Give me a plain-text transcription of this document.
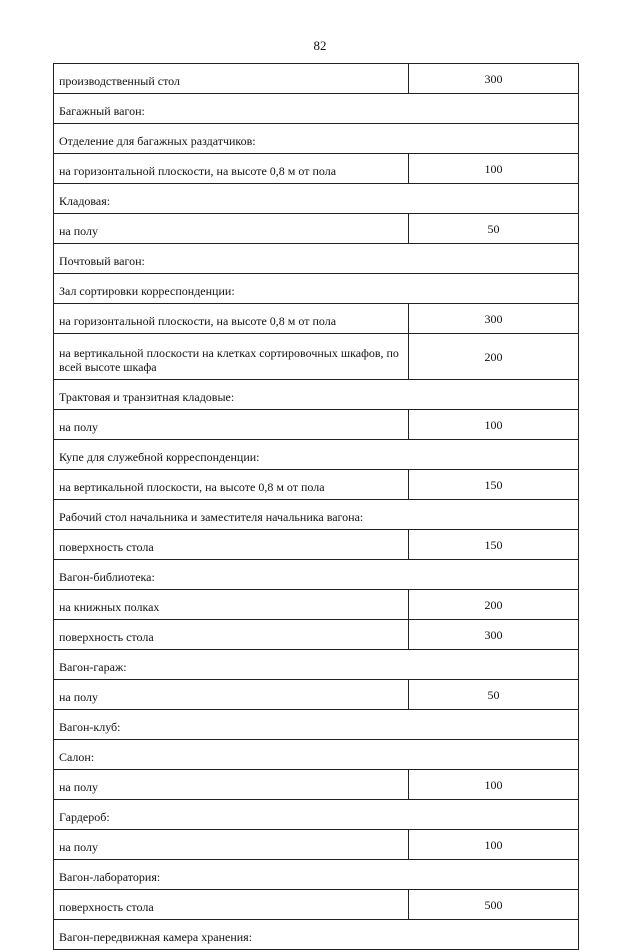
82
производственный стол	300
Багажный вагон:	
Отделение для багажных раздатчиков:	
на горизонтальной плоскости, на высоте 0,8 м от пола	100
Кладовая:	
на полу	50
Почтовый вагон:	
Зал сортировки корреспонденции:	
на горизонтальной плоскости, на высоте 0,8 м от пола	300
на вертикальной плоскости на клетках сортировочных шкафов, по всей высоте шкафа	200
Трактовая и транзитная кладовые:	
на полу	100
Купе для служебной корреспонденции:	
на вертикальной плоскости, на высоте 0,8 м от пола	150
Рабочий стол начальника и заместителя начальника вагона:	
поверхность стола	150
Вагон-библиотека:	
на книжных полках	200
поверхность стола	300
Вагон-гараж:	
на полу	50
Вагон-клуб:	
Салон:	
на полу	100
Гардероб:	
на полу	100
Вагон-лаборатория:	
поверхность стола	500
Вагон-передвижная камера хранения:	
